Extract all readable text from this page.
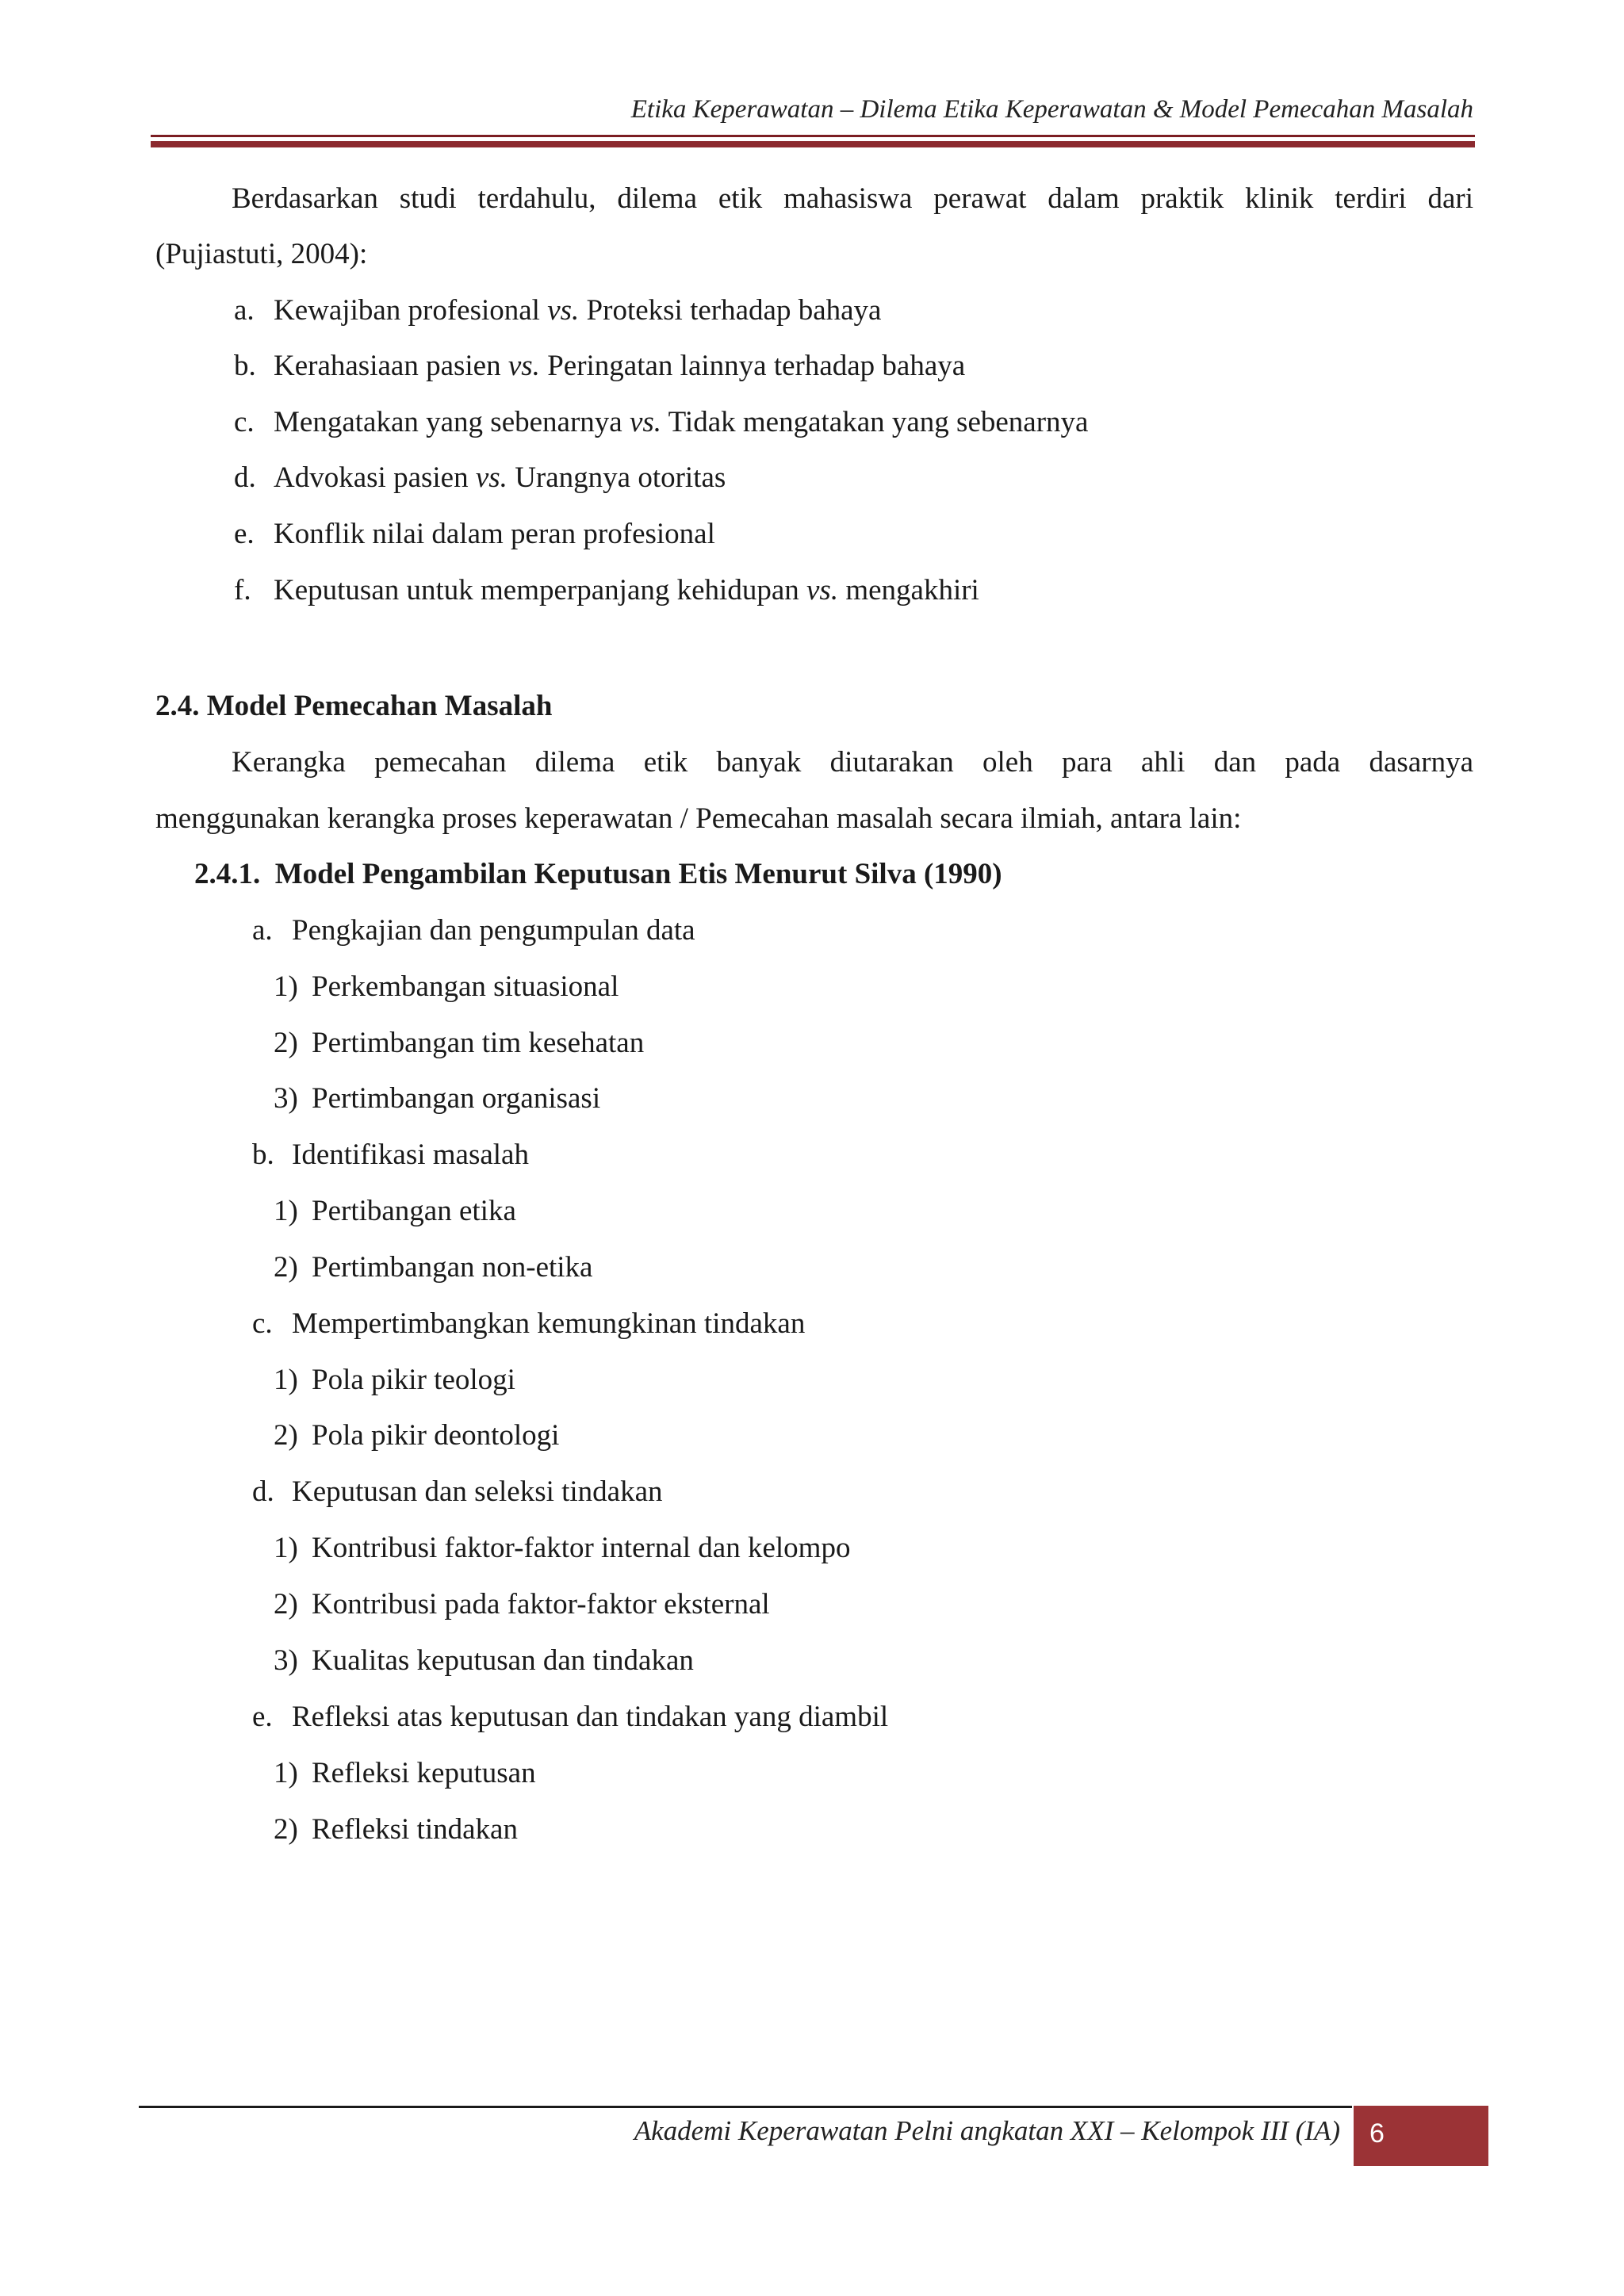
Etika Keperawatan – Dilema Etika Keperawatan & Model Pemecahan Masalah
Berdasarkan studi terdahulu, dilema etik mahasiswa perawat dalam praktik klinik terdiri dari
(Pujiastuti, 2004):
a. Kewajiban profesional vs. Proteksi terhadap bahaya
b. Kerahasiaan pasien vs. Peringatan lainnya terhadap bahaya
c. Mengatakan yang sebenarnya vs. Tidak mengatakan yang sebenarnya
d. Advokasi pasien vs. Urangnya otoritas
e. Konflik nilai dalam peran profesional
f. Keputusan untuk memperpanjang kehidupan vs. mengakhiri
2.4. Model Pemecahan Masalah
Kerangka pemecahan dilema etik banyak diutarakan oleh para ahli dan pada dasarnya
menggunakan kerangka proses keperawatan / Pemecahan masalah secara ilmiah, antara lain:
2.4.1.  Model Pengambilan Keputusan Etis Menurut Silva (1990)
a. Pengkajian dan pengumpulan data
1) Perkembangan situasional
2) Pertimbangan tim kesehatan
3) Pertimbangan organisasi
b. Identifikasi masalah
1) Pertibangan etika
2) Pertimbangan non-etika
c. Mempertimbangkan kemungkinan tindakan
1) Pola pikir teologi
2) Pola pikir deontologi
d. Keputusan dan seleksi tindakan
1) Kontribusi faktor-faktor internal dan kelompo
2) Kontribusi pada faktor-faktor eksternal
3) Kualitas keputusan dan tindakan
e. Refleksi atas keputusan dan tindakan yang diambil
1) Refleksi keputusan
2) Refleksi tindakan
Akademi Keperawatan Pelni angkatan XXI – Kelompok III (IA) 6
